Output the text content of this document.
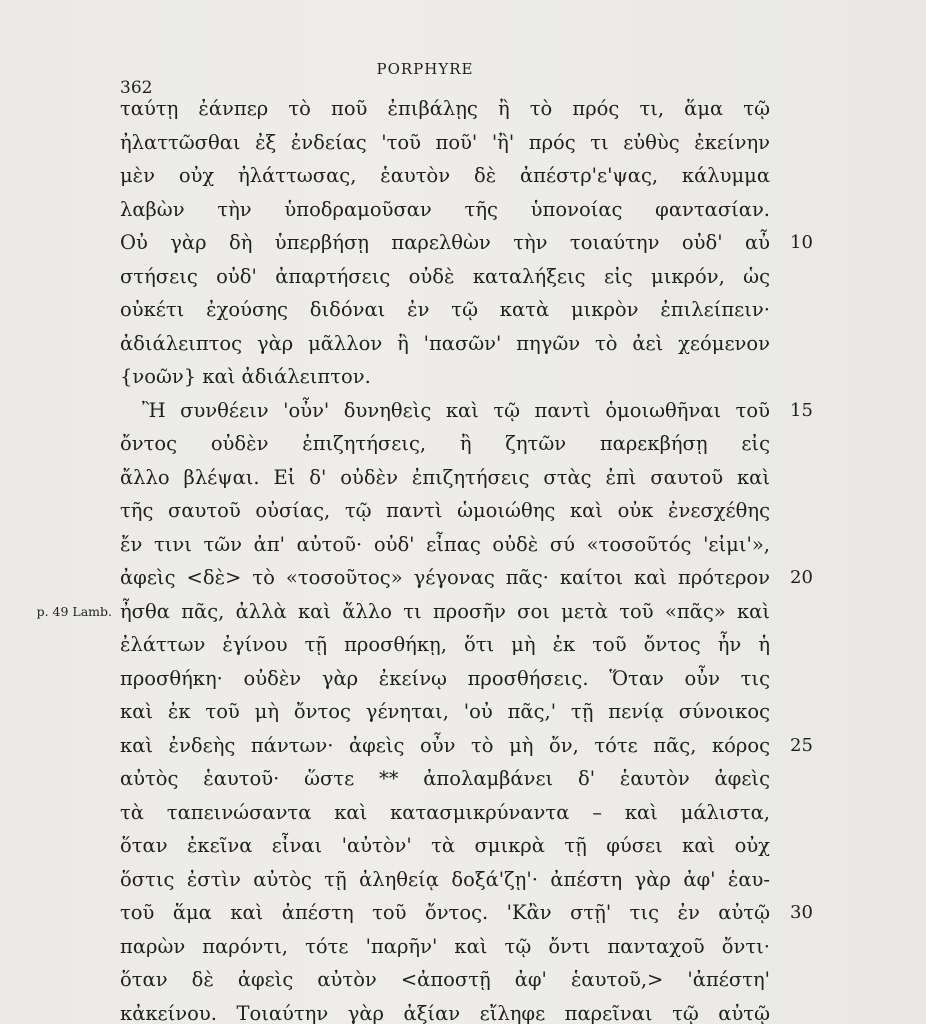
PORPHYRE
362
ταύτῃ ἐάνπερ τὸ ποῦ ἐπιβάλῃς ἢ τὸ πρός τι, ἅμα τῷ
ἠλαττῶσθαι ἐξ ἐνδείας 'τοῦ ποῦ' 'ἢ' πρός τι εὐθὺς ἐκείνην
μὲν οὐχ ἠλάττωσας, ἑαυτὸν δὲ ἀπέστρ'ε'ψας, κάλυμμα
λαβὼν τὴν ὑποδραμοῦσαν τῆς ὑπονοίας φαντασίαν.
Οὐ γὰρ δὴ ὑπερβήσῃ παρελθὼν τὴν τοιαύτην οὐδ' αὖ 10
στήσεις οὐδ' ἀπαρτήσεις οὐδὲ καταλήξεις εἰς μικρόν, ὡς
οὐκέτι ἐχούσης διδόναι ἐν τῷ κατὰ μικρὸν ἐπιλείπειν·
ἀδιάλειπτος γὰρ μᾶλλον ἢ 'πασῶν' πηγῶν τὸ ἀεὶ χεόμενον
{νοῶν} καὶ ἀδιάλειπτον.
Ἢ συνθέειν 'οὖν' δυνηθεὶς καὶ τῷ παντὶ ὁμοιωθῆναι τοῦ 15
ὄντος οὐδὲν ἐπιζητήσεις, ἢ ζητῶν παρεκβήσῃ εἰς
ἄλλο βλέψαι. Εἰ δ' οὐδὲν ἐπιζητήσεις στὰς ἐπὶ σαυτοῦ καὶ
τῆς σαυτοῦ οὐσίας, τῷ παντὶ ὡμοιώθης καὶ οὐκ ἐνεσχέθης
ἔν τινι τῶν ἀπ' αὐτοῦ· οὐδ' εἶπας οὐδὲ σύ «τοσοῦτός 'εἰμι'»,
ἀφεὶς <δὲ> τὸ «τοσοῦτος» γέγονας πᾶς· καίτοι καὶ πρότερον 20
ἦσθα πᾶς, ἀλλὰ καὶ ἄλλο τι προσῆν σοι μετὰ τοῦ «πᾶς» καὶ
p. 49 Lamb.
ἐλάττων ἐγίνου τῇ προσθήκῃ, ὅτι μὴ ἐκ τοῦ ὄντος ἦν ἡ
προσθήκη· οὐδὲν γὰρ ἐκείνῳ προσθήσεις. Ὅταν οὖν τις
καὶ ἐκ τοῦ μὴ ὄντος γένηται, 'οὐ πᾶς,' τῇ πενίᾳ σύνοικος
καὶ ἐνδεὴς πάντων· ἀφεὶς οὖν τὸ μὴ ὄν, τότε πᾶς, κόρος 25
αὐτὸς ἑαυτοῦ· ὥστε ** ἀπολαμβάνει δ' ἑαυτὸν ἀφεὶς
τὰ ταπεινώσαντα καὶ κατασμικρύναντα – καὶ μάλιστα,
ὅταν ἐκεῖνα εἶναι 'αὐτὸν' τὰ σμικρὰ τῇ φύσει καὶ οὐχ
ὅστις ἐστὶν αὐτὸς τῇ ἀληθείᾳ δοξά'ζῃ'· ἀπέστη γὰρ ἀφ' ἑαυ-
τοῦ ἅμα καὶ ἀπέστη τοῦ ὄντος. 'Κἂν στῇ' τις ἐν αὐτῷ 30
παρὼν παρόντι, τότε 'παρῆν' καὶ τῷ ὄντι πανταχοῦ ὄντι·
ὅταν δὲ ἀφεὶς αὐτὸν <ἀποστῇ ἀφ' ἑαυτοῦ,> 'ἀπέστη'
κἀκείνου. Τοιαύτην γὰρ ἀξίαν εἴληφε παρεῖναι τῷ αὐτῷ
